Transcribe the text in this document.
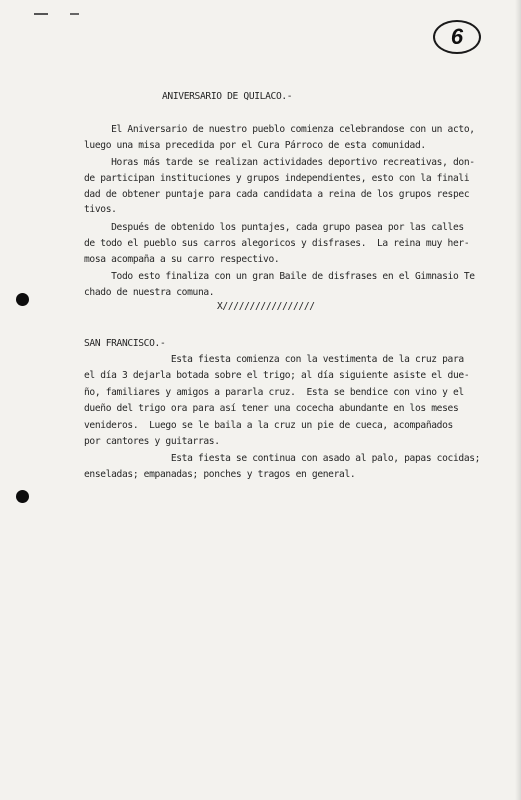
6
ANIVERSARIO DE QUILACO.-
El Aniversario de nuestro pueblo comienza celebrandose con un acto,
luego una misa precedida por el Cura Párroco de esta comunidad.
Horas más tarde se realizan actividades deportivo recreativas, don-
de participan instituciones y grupos independientes, esto con la finali
dad de obtener puntaje para cada candidata a reina de los grupos respec
tivos.
Después de obtenido los puntajes, cada grupo pasea por las calles
de todo el pueblo sus carros alegoricos y disfrases.  La reina muy her-
mosa acompaña a su carro respectivo.
Todo esto finaliza con un gran Baile de disfrases en el Gimnasio Te
chado de nuestra comuna.
X/////////////////
SAN FRANCISCO.-
Esta fiesta comienza con la vestimenta de la cruz para
el día 3 dejarla botada sobre el trigo; al día siguiente asiste el due-
ño, familiares y amigos a pararla cruz.  Esta se bendice con vino y el
dueño del trigo ora para así tener una cocecha abundante en los meses
venideros.  Luego se le baila a la cruz un pie de cueca, acompañados
por cantores y guitarras.
Esta fiesta se continua con asado al palo, papas cocidas;
enseladas; empanadas; ponches y tragos en general.
